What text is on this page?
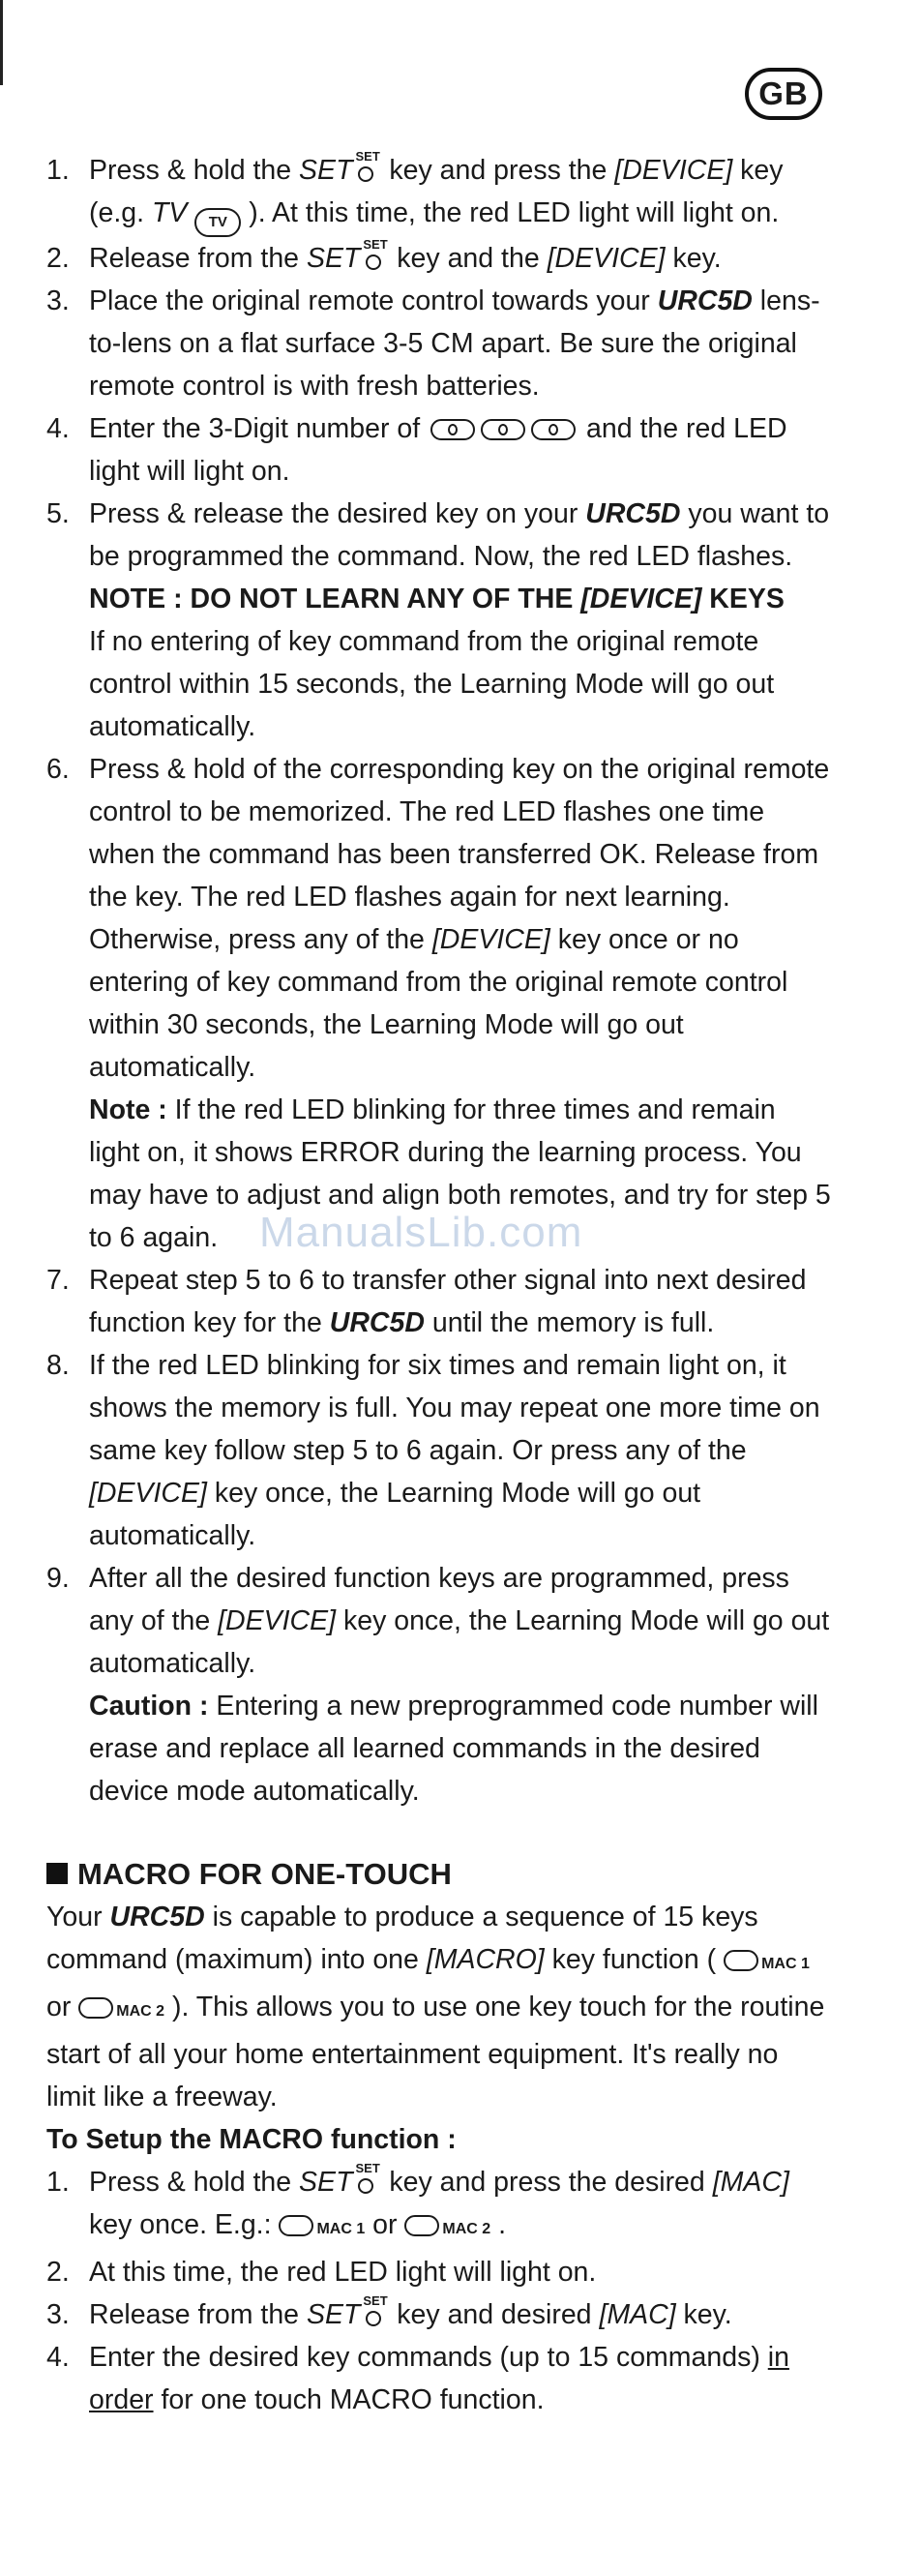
GB
ManualsLib.com
1. Press & hold the SET SET key and press the [DEVICE] key (e.g. TV TV ). At this time, the red LED light will light on.
2. Release from the SET SET key and the [DEVICE] key.
3. Place the original remote control towards your URC5D lens-to-lens on a flat surface 3-5 CM apart. Be sure the original remote control is with fresh batteries.
4. Enter the 3-Digit number of	and the red LED light will light on.
5. Press & release the desired key on your URC5D you want to be programmed the command. Now, the red LED flashes.
NOTE : DO NOT LEARN ANY OF THE [DEVICE] KEYS
If no entering of key command from the original remote control within 15 seconds, the Learning Mode will go out automatically.
6. Press & hold of the corresponding key on the original remote control to be memorized. The red LED flashes one time when the command has been transferred OK. Release from the key. The red LED flashes again for next learning. Otherwise, press any of the [DEVICE] key once or no entering of key command from the original remote control within 30 seconds, the Learning Mode will go out automatically.
Note : If the red LED blinking for three times and remain light on, it shows ERROR during the learning process. You may have to adjust and align both remotes, and try for step 5 to 6 again.
7. Repeat step 5 to 6 to transfer other signal into next desired function key for the URC5D until the memory is full.
8. If the red LED blinking for six times and remain light on, it shows the memory is full. You may repeat one more time on same key follow step 5 to 6 again. Or press any of the [DEVICE] key once, the Learning Mode will go out automatically.
9. After all the desired function keys are programmed, press any of the [DEVICE] key once, the Learning Mode will go out automatically.
Caution : Entering a new preprogrammed code number will erase and replace all learned commands in the desired device mode automatically.
MACRO FOR ONE-TOUCH
Your URC5D is capable to produce a sequence of 15 keys command (maximum) into one [MACRO] key function ( MAC 1 or MAC 2 ). This allows you to use one key touch for the routine start of all your home entertainment equipment. It's really no limit like a freeway.
To Setup the MACRO function :
1. Press & hold the SET SET key and press the desired [MAC] key once. E.g.: MAC 1 or MAC 2 .
2. At this time, the red LED light will light on.
3. Release from the SET SET key and desired [MAC] key.
4. Enter the desired key commands (up to 15 commands) in order for one touch MACRO function.
